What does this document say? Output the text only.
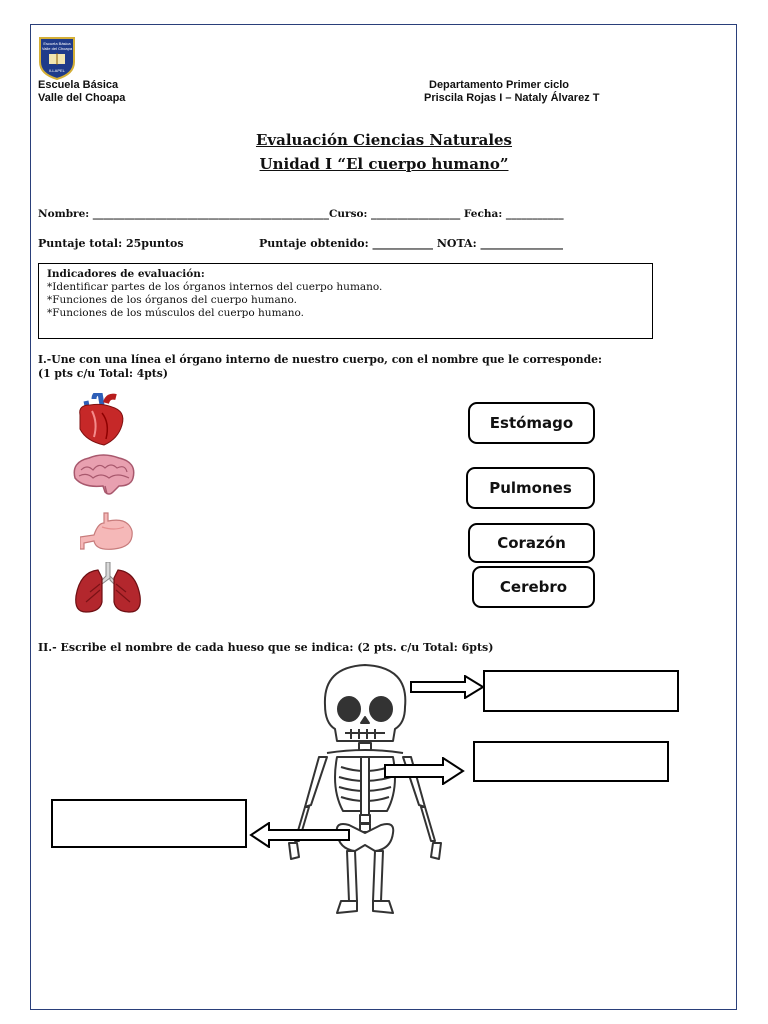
Escuela Básica
Valle del Choapa
ILLAPEL
Escuela Básica
Valle del Choapa
Departamento Primer ciclo
Priscila Rojas I – Nataly Álvarez T
Evaluación Ciencias Naturales
Unidad I “El cuerpo humano”
Nombre: _____________________________________________Curso: _________________ Fecha: ___________
Puntaje total: 25puntos	Puntaje obtenido: ___________ NOTA: _______________
Indicadores de evaluación:
*Identificar partes de los órganos internos del cuerpo humano.
*Funciones de los órganos del cuerpo humano.
*Funciones de los músculos del cuerpo humano.
I.-Une con una línea el órgano interno de nuestro cuerpo, con el nombre que le corresponde:
(1 pts c/u Total: 4pts)
Estómago
Pulmones
Corazón
Cerebro
II.- Escribe el nombre de cada hueso que se indica: (2 pts. c/u Total: 6pts)
